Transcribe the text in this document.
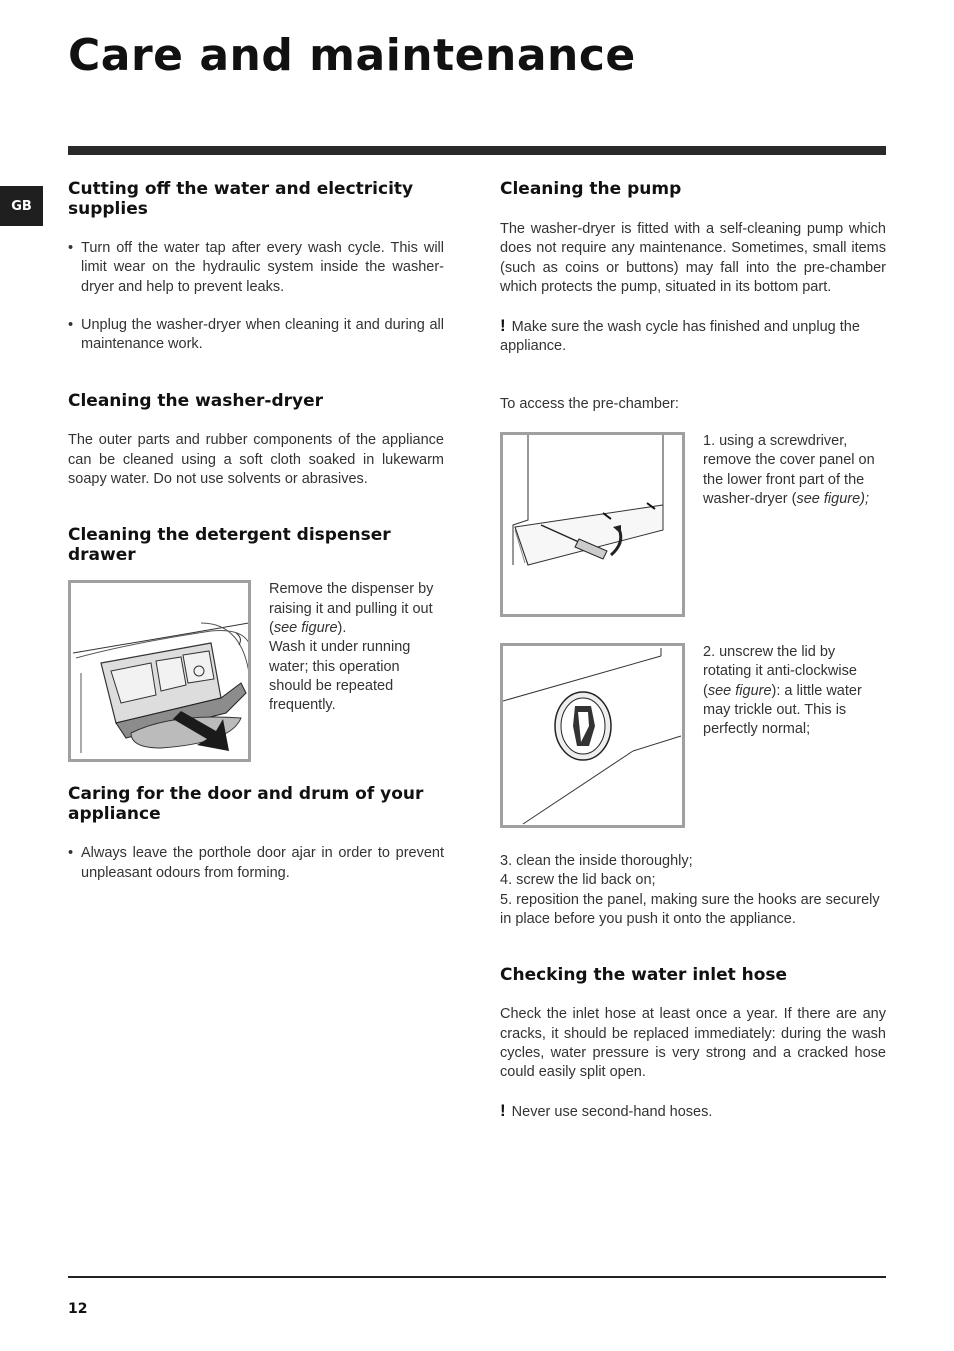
Care and maintenance
GB
Cutting off the water and electricity supplies

• Turn off the water tap after every wash cycle. This will limit wear on the hydraulic system inside the washer-dryer and help to prevent leaks.

• Unplug the washer-dryer when cleaning it and during all maintenance work.

Cleaning the washer-dryer

The outer parts and rubber components of the appliance can be cleaned using a soft cloth soaked in lukewarm soapy water. Do not use solvents or abrasives.

Cleaning the detergent dispenser drawer
Remove the dispenser by raising it and pulling it out (see figure).
Wash it under running water; this operation should be repeated frequently.
Caring for the door and drum of your appliance

• Always leave the porthole door ajar in order to prevent unpleasant odours from forming.

Cleaning the pump

The washer-dryer is fitted with a self-cleaning pump which does not require any maintenance. Sometimes, small items (such as coins or buttons) may fall into the pre-chamber which protects the pump, situated in its bottom part.

! Make sure the wash cycle has finished and unplug the appliance.

To access the pre-chamber:

1. using a screwdriver, remove the cover panel on the lower front part of the washer-dryer (see figure);
2. unscrew the lid by rotating it anti-clockwise (see figure): a little water may trickle out. This is perfectly normal;

3. clean the inside thoroughly;

4. screw the lid back on;

5. reposition the panel, making sure the hooks are securely in place before you push it onto the appliance.

Checking the water inlet hose

Check the inlet hose at least once a year. If there are any cracks, it should be replaced immediately: during the wash cycles, water pressure is very strong and a cracked hose could easily split open.

! Never use second-hand hoses.

12
